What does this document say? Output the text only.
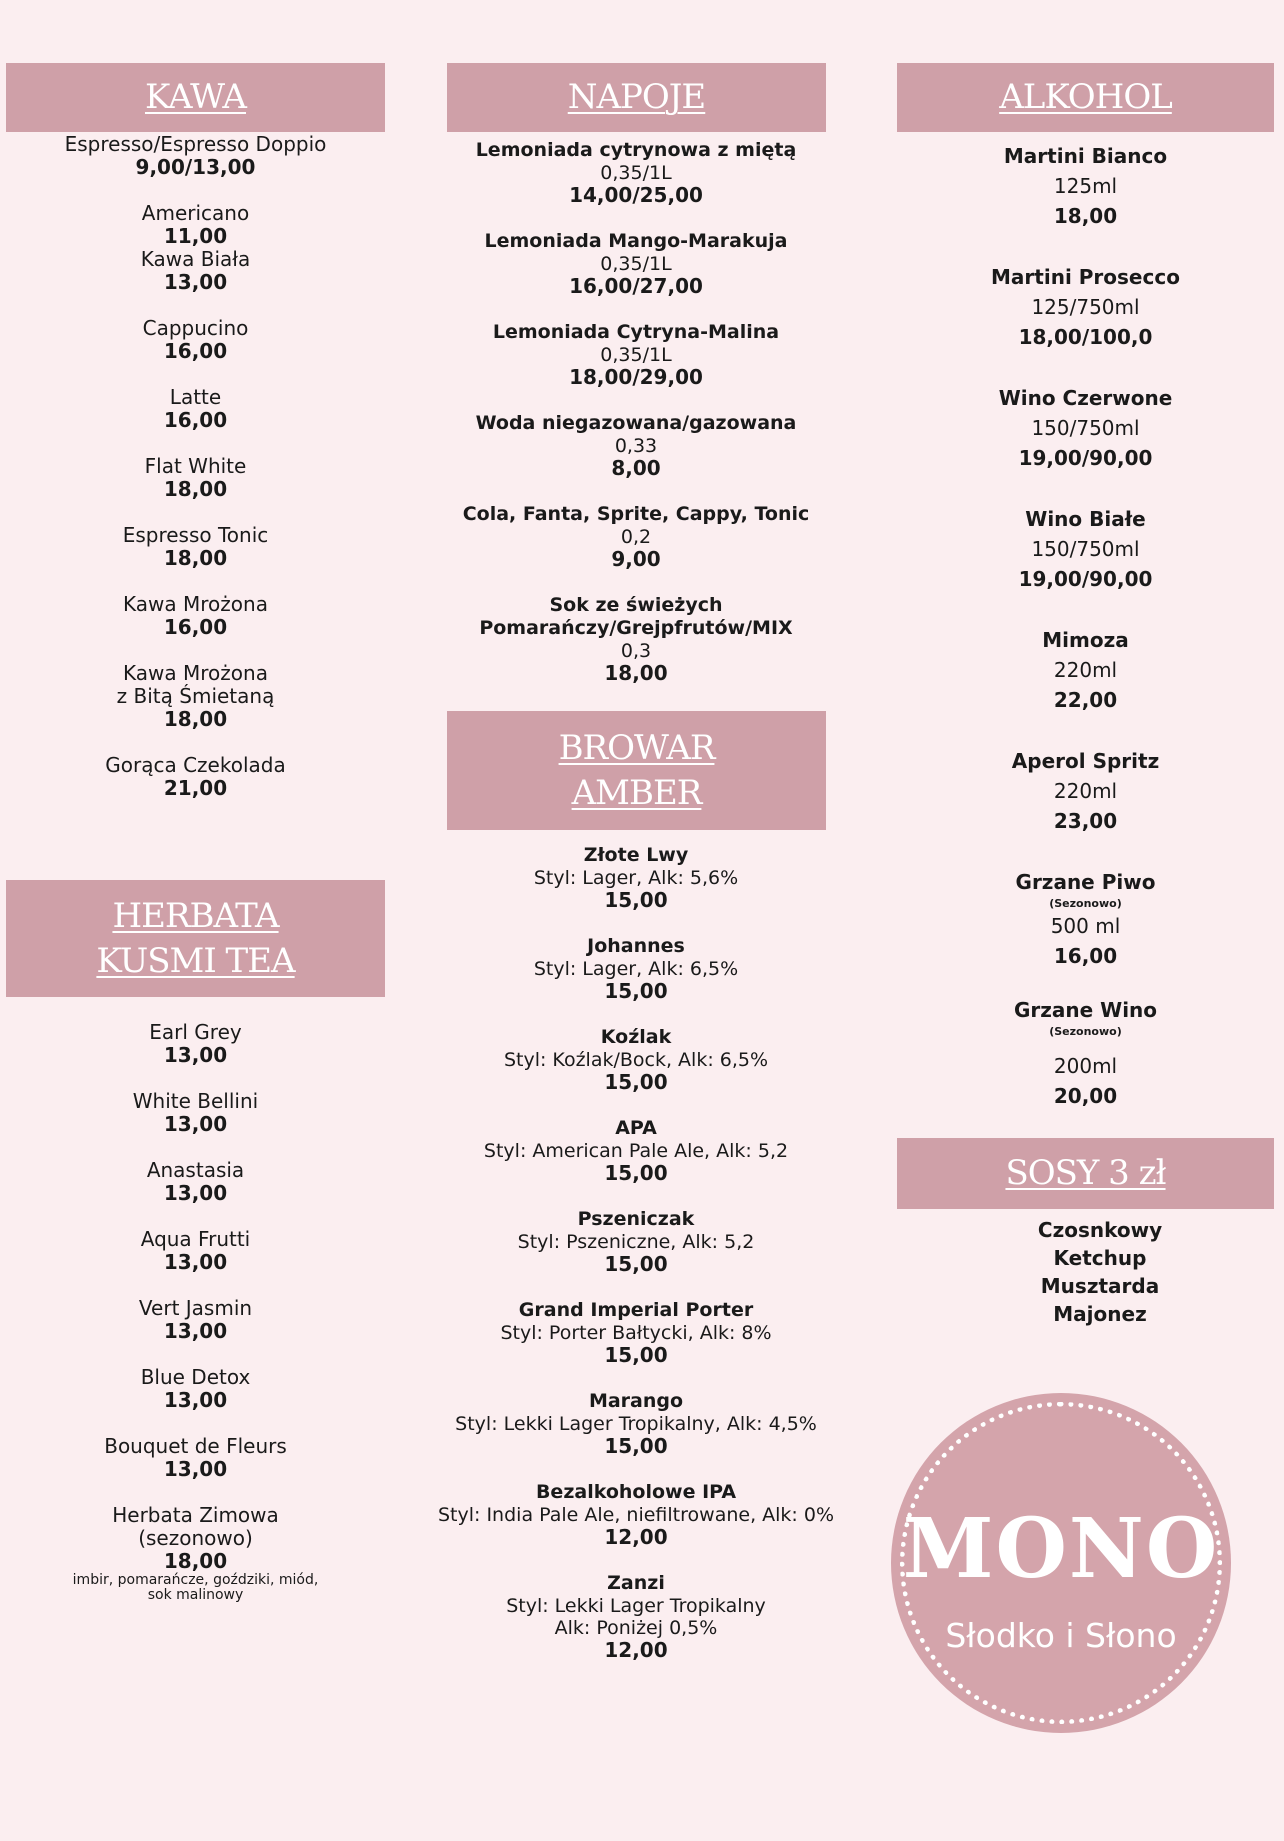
KAWA
Espresso/Espresso Doppio
9,00/13,00
Americano
11,00
Kawa Biała
13,00
Cappucino
16,00
Latte
16,00
Flat White
18,00
Espresso Tonic
18,00
Kawa Mrożona
16,00
Kawa Mrożona
z Bitą Śmietaną
18,00
Gorąca Czekolada
21,00
HERBATA
KUSMI TEA
Earl Grey
13,00
White Bellini
13,00
Anastasia
13,00
Aqua Frutti
13,00
Vert Jasmin
13,00
Blue Detox
13,00
Bouquet de Fleurs
13,00
Herbata Zimowa
(sezonowo)
18,00
imbir, pomarańcze, goździki, miód,
sok malinowy
NAPOJE
Lemoniada cytrynowa z miętą
0,35/1L
14,00/25,00
Lemoniada Mango-Marakuja
0,35/1L
16,00/27,00
Lemoniada Cytryna-Malina
0,35/1L
18,00/29,00
Woda niegazowana/gazowana
0,33
8,00
Cola, Fanta, Sprite, Cappy, Tonic
0,2
9,00
Sok ze świeżych
Pomarańczy/Grejpfrutów/MIX
0,3
18,00
BROWAR
AMBER
Złote Lwy
Styl: Lager, Alk: 5,6%
15,00
Johannes
Styl: Lager, Alk: 6,5%
15,00
Koźlak
Styl: Koźlak/Bock, Alk: 6,5%
15,00
APA
Styl: American Pale Ale, Alk: 5,2
15,00
Pszeniczak
Styl: Pszeniczne, Alk: 5,2
15,00
Grand Imperial Porter
Styl: Porter Bałtycki, Alk: 8%
15,00
Marango
Styl: Lekki Lager Tropikalny, Alk: 4,5%
15,00
Bezalkoholowe IPA
Styl: India Pale Ale, niefiltrowane, Alk: 0%
12,00
Zanzi
Styl: Lekki Lager Tropikalny
Alk: Poniżej 0,5%
12,00
ALKOHOL
Martini Bianco
125ml
18,00
Martini Prosecco
125/750ml
18,00/100,0
Wino Czerwone
150/750ml
19,00/90,00
Wino Białe
150/750ml
19,00/90,00
Mimoza
220ml
22,00
Aperol Spritz
220ml
23,00
Grzane Piwo
(Sezonowo)
500 ml
16,00
Grzane Wino
(Sezonowo)
200ml
20,00
SOSY 3 zł
Czosnkowy
Ketchup
Musztarda
Majonez
MONO
Słodko i Słono
